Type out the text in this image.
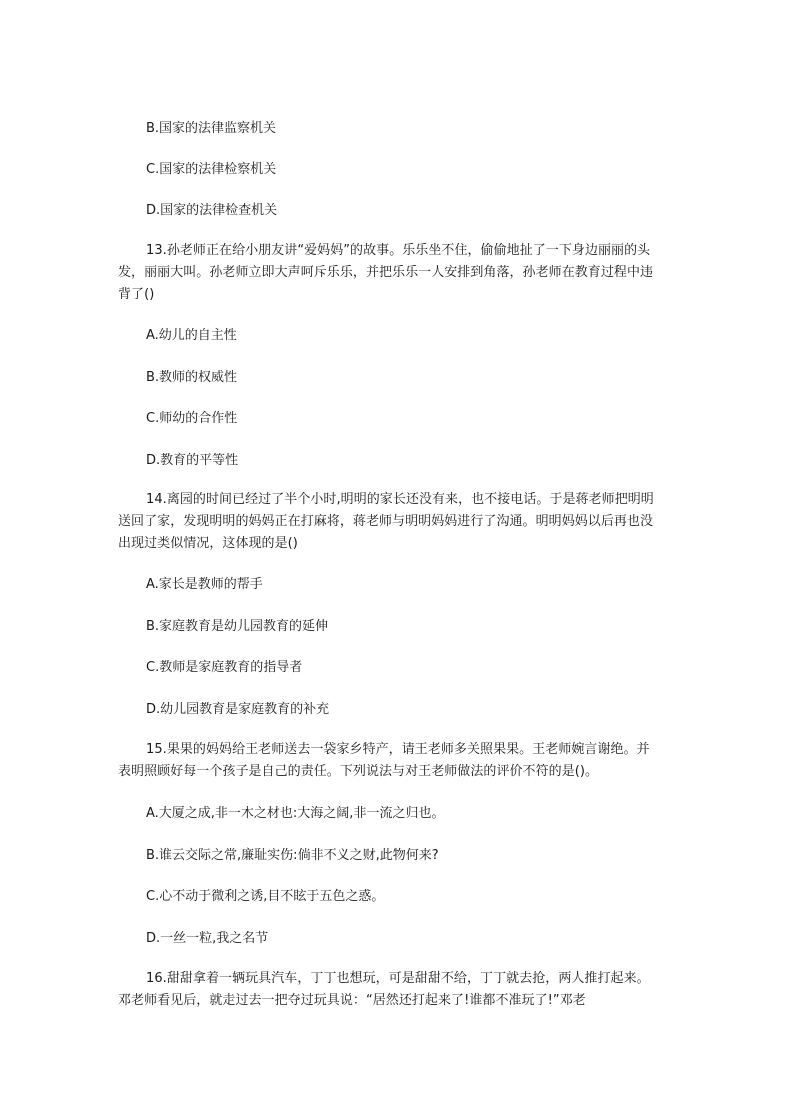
B.国家的法律监察机关
C.国家的法律检察机关
D.国家的法律检查机关
13.孙老师正在给小朋友讲“爱妈妈”的故事。乐乐坐不住，偷偷地扯了一下身边丽丽的头发，丽丽大叫。孙老师立即大声呵斥乐乐，并把乐乐一人安排到角落，孙老师在教育过程中违背了()
A.幼儿的自主性
B.教师的权威性
C.师幼的合作性
D.教育的平等性
14.离园的时间已经过了半个小时,明明的家长还没有来，也不接电话。于是蒋老师把明明送回了家，发现明明的妈妈正在打麻将，蒋老师与明明妈妈进行了沟通。明明妈妈以后再也没出现过类似情况，这体现的是()
A.家长是教师的帮手
B.家庭教育是幼儿园教育的延伸
C.教师是家庭教育的指导者
D.幼儿园教育是家庭教育的补充
15.果果的妈妈给王老师送去一袋家乡特产，请王老师多关照果果。王老师婉言谢绝。并表明照顾好每一个孩子是自己的责任。下列说法与对王老师做法的评价不符的是()。
A.大厦之成,非一木之材也:大海之阔,非一流之归也。
B.谁云交际之常,廉耻实伤:倘非不义之财,此物何来?
C.心不动于微利之诱,目不眩于五色之惑。
D.一丝一粒,我之名节
16.甜甜拿着一辆玩具汽车，丁丁也想玩，可是甜甜不给，丁丁就去抢，两人推打起来。邓老师看见后，就走过去一把夺过玩具说：“居然还打起来了!谁都不准玩了!”邓老
